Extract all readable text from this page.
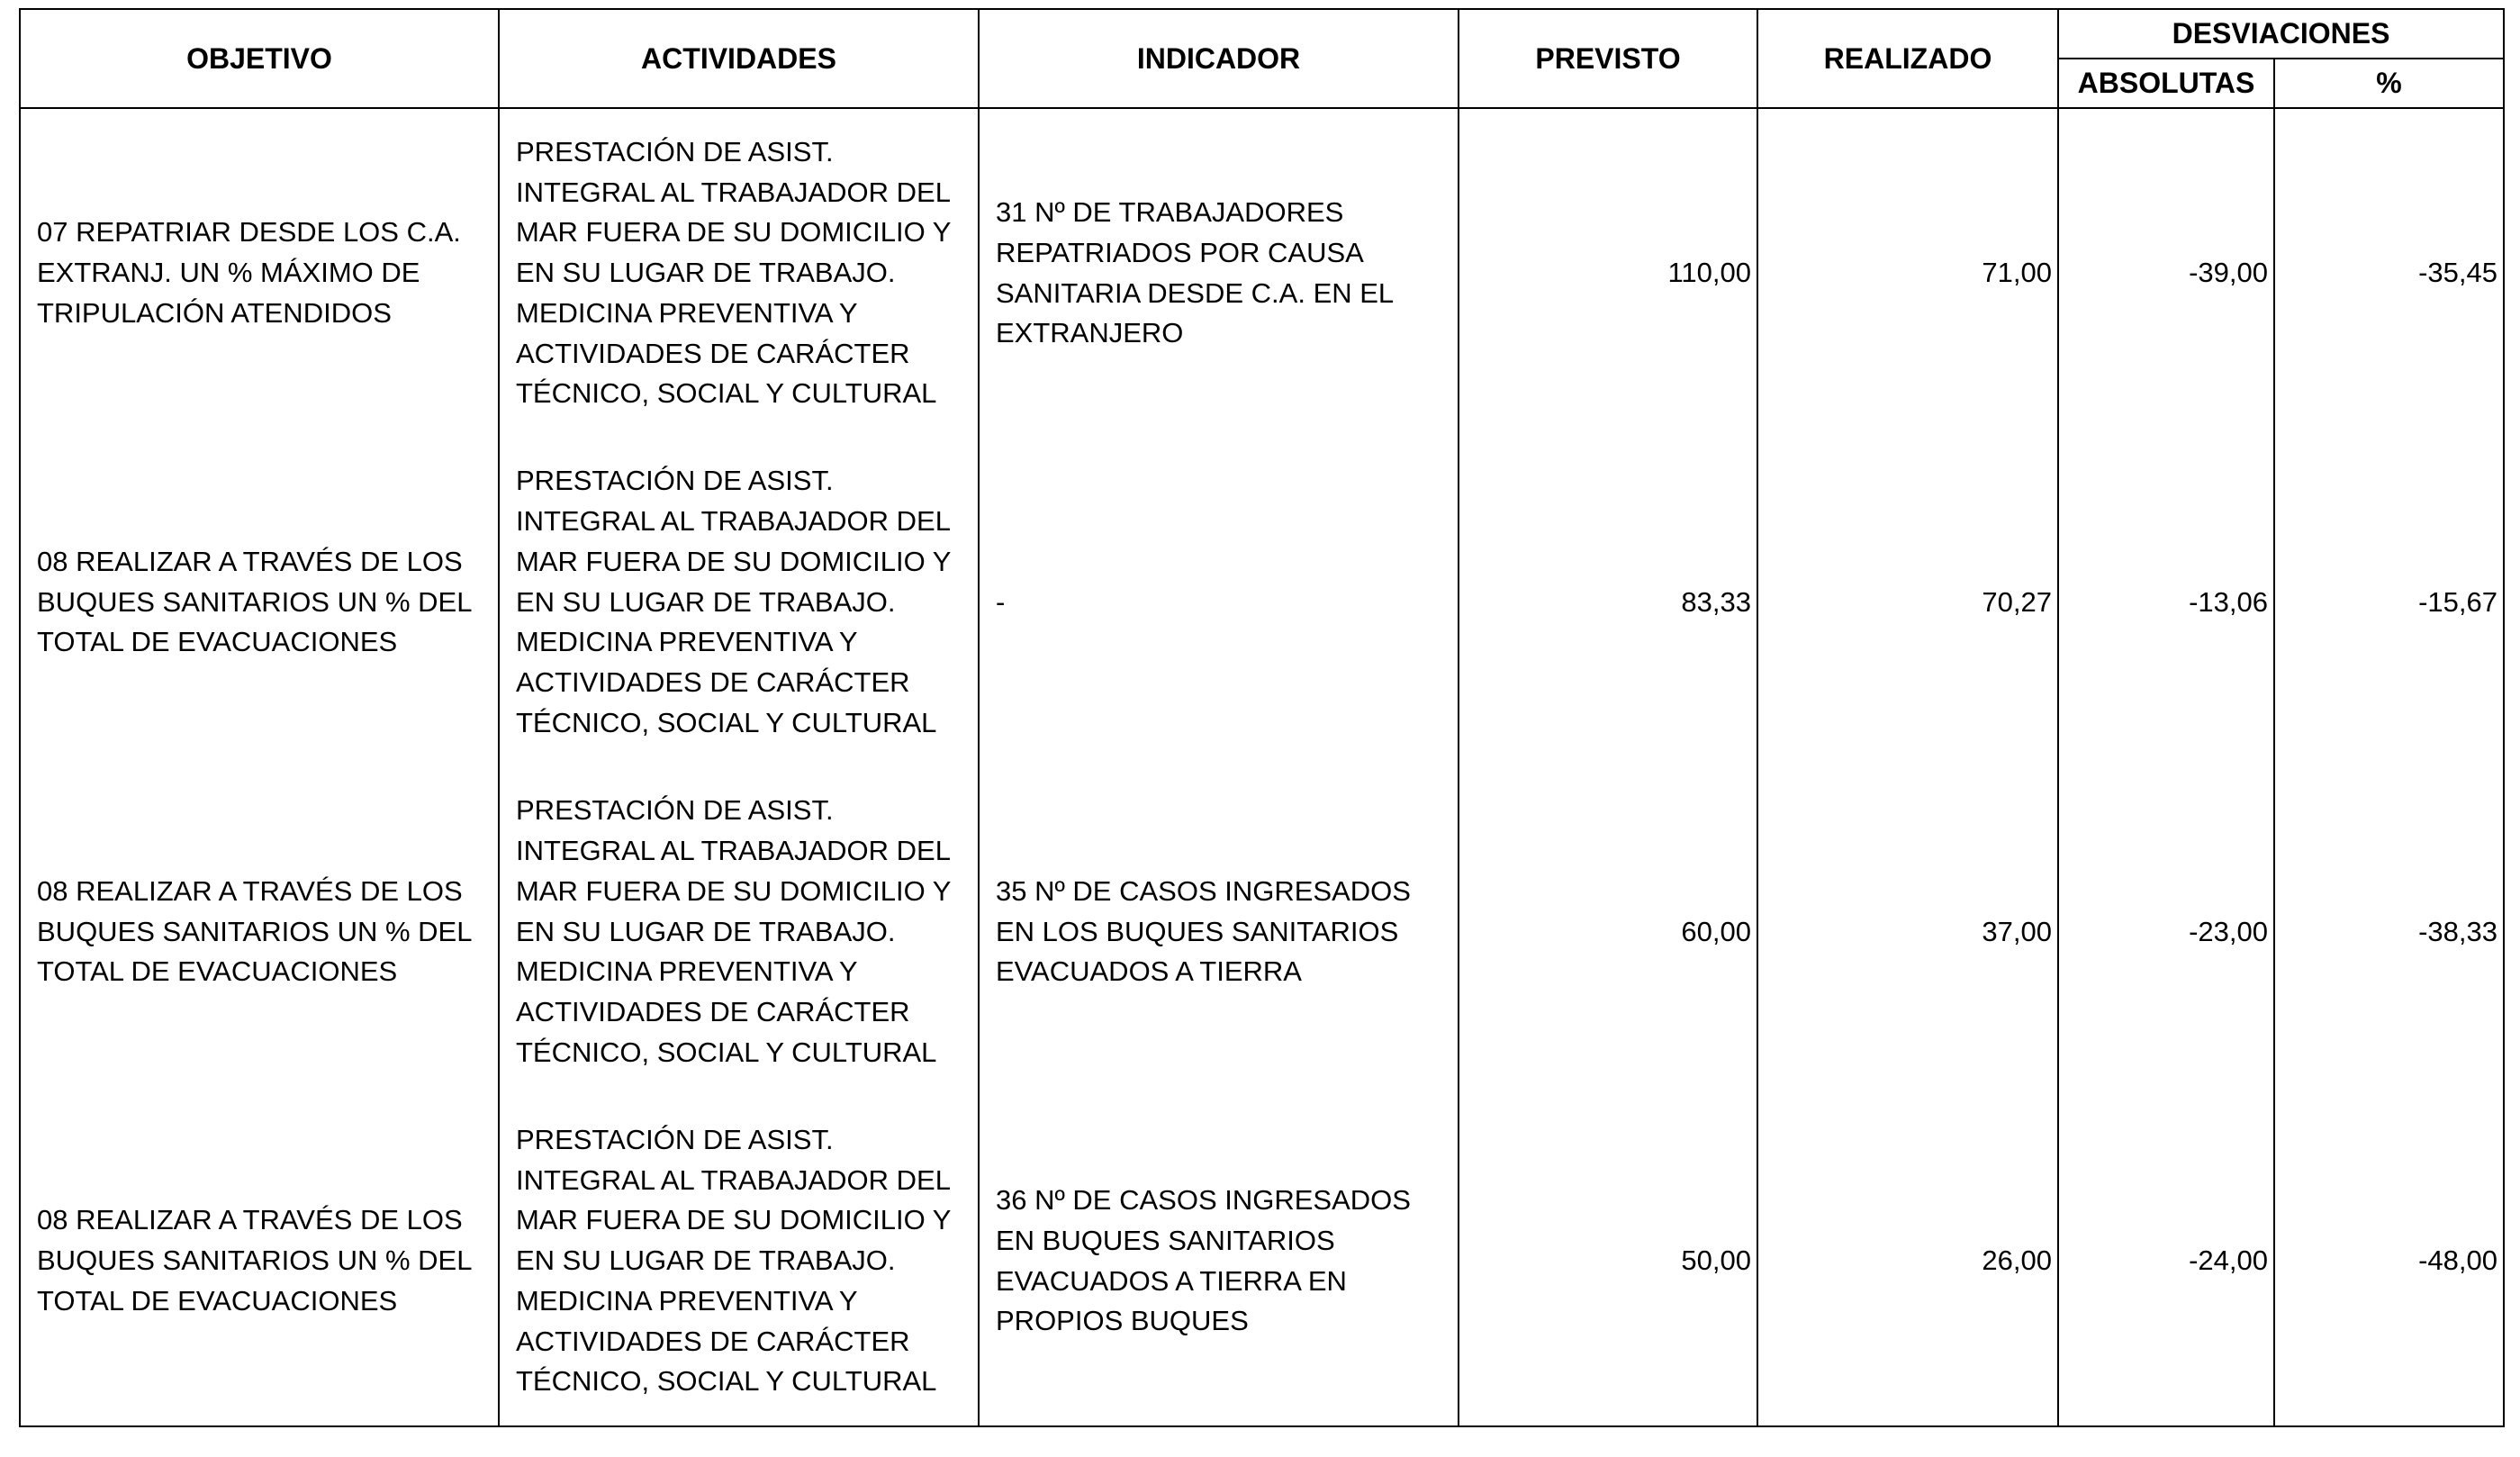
OBJETIVO	ACTIVIDADES	INDICADOR	PREVISTO	REALIZADO	DESVIACIONES	
					ABSOLUTAS	%
07 REPATRIAR DESDE LOS C.A. EXTRANJ. UN % MÁXIMO DE TRIPULACIÓN ATENDIDOS	PRESTACIÓN DE ASIST. INTEGRAL AL TRABAJADOR DEL MAR FUERA DE SU DOMICILIO Y EN SU LUGAR DE TRABAJO. MEDICINA PREVENTIVA Y ACTIVIDADES DE CARÁCTER TÉCNICO, SOCIAL Y CULTURAL	31 Nº DE TRABAJADORES REPATRIADOS POR CAUSA SANITARIA DESDE C.A. EN EL EXTRANJERO	110,00	71,00	-39,00	-35,45
08 REALIZAR A TRAVÉS DE LOS BUQUES SANITARIOS UN % DEL TOTAL DE EVACUACIONES	PRESTACIÓN DE ASIST. INTEGRAL AL TRABAJADOR DEL MAR FUERA DE SU DOMICILIO Y EN SU LUGAR DE TRABAJO. MEDICINA PREVENTIVA Y ACTIVIDADES DE CARÁCTER TÉCNICO, SOCIAL Y CULTURAL	-	83,33	70,27	-13,06	-15,67
08 REALIZAR A TRAVÉS DE LOS BUQUES SANITARIOS UN % DEL TOTAL DE EVACUACIONES	PRESTACIÓN DE ASIST. INTEGRAL AL TRABAJADOR DEL MAR FUERA DE SU DOMICILIO Y EN SU LUGAR DE TRABAJO. MEDICINA PREVENTIVA Y ACTIVIDADES DE CARÁCTER TÉCNICO, SOCIAL Y CULTURAL	35 Nº DE CASOS INGRESADOS EN LOS BUQUES SANITARIOS EVACUADOS A TIERRA	60,00	37,00	-23,00	-38,33
08 REALIZAR A TRAVÉS DE LOS BUQUES SANITARIOS UN % DEL TOTAL DE EVACUACIONES	PRESTACIÓN DE ASIST. INTEGRAL AL TRABAJADOR DEL MAR FUERA DE SU DOMICILIO Y EN SU LUGAR DE TRABAJO. MEDICINA PREVENTIVA Y ACTIVIDADES DE CARÁCTER TÉCNICO, SOCIAL Y CULTURAL	36 Nº DE CASOS INGRESADOS EN BUQUES SANITARIOS EVACUADOS A TIERRA EN PROPIOS BUQUES	50,00	26,00	-24,00	-48,00
